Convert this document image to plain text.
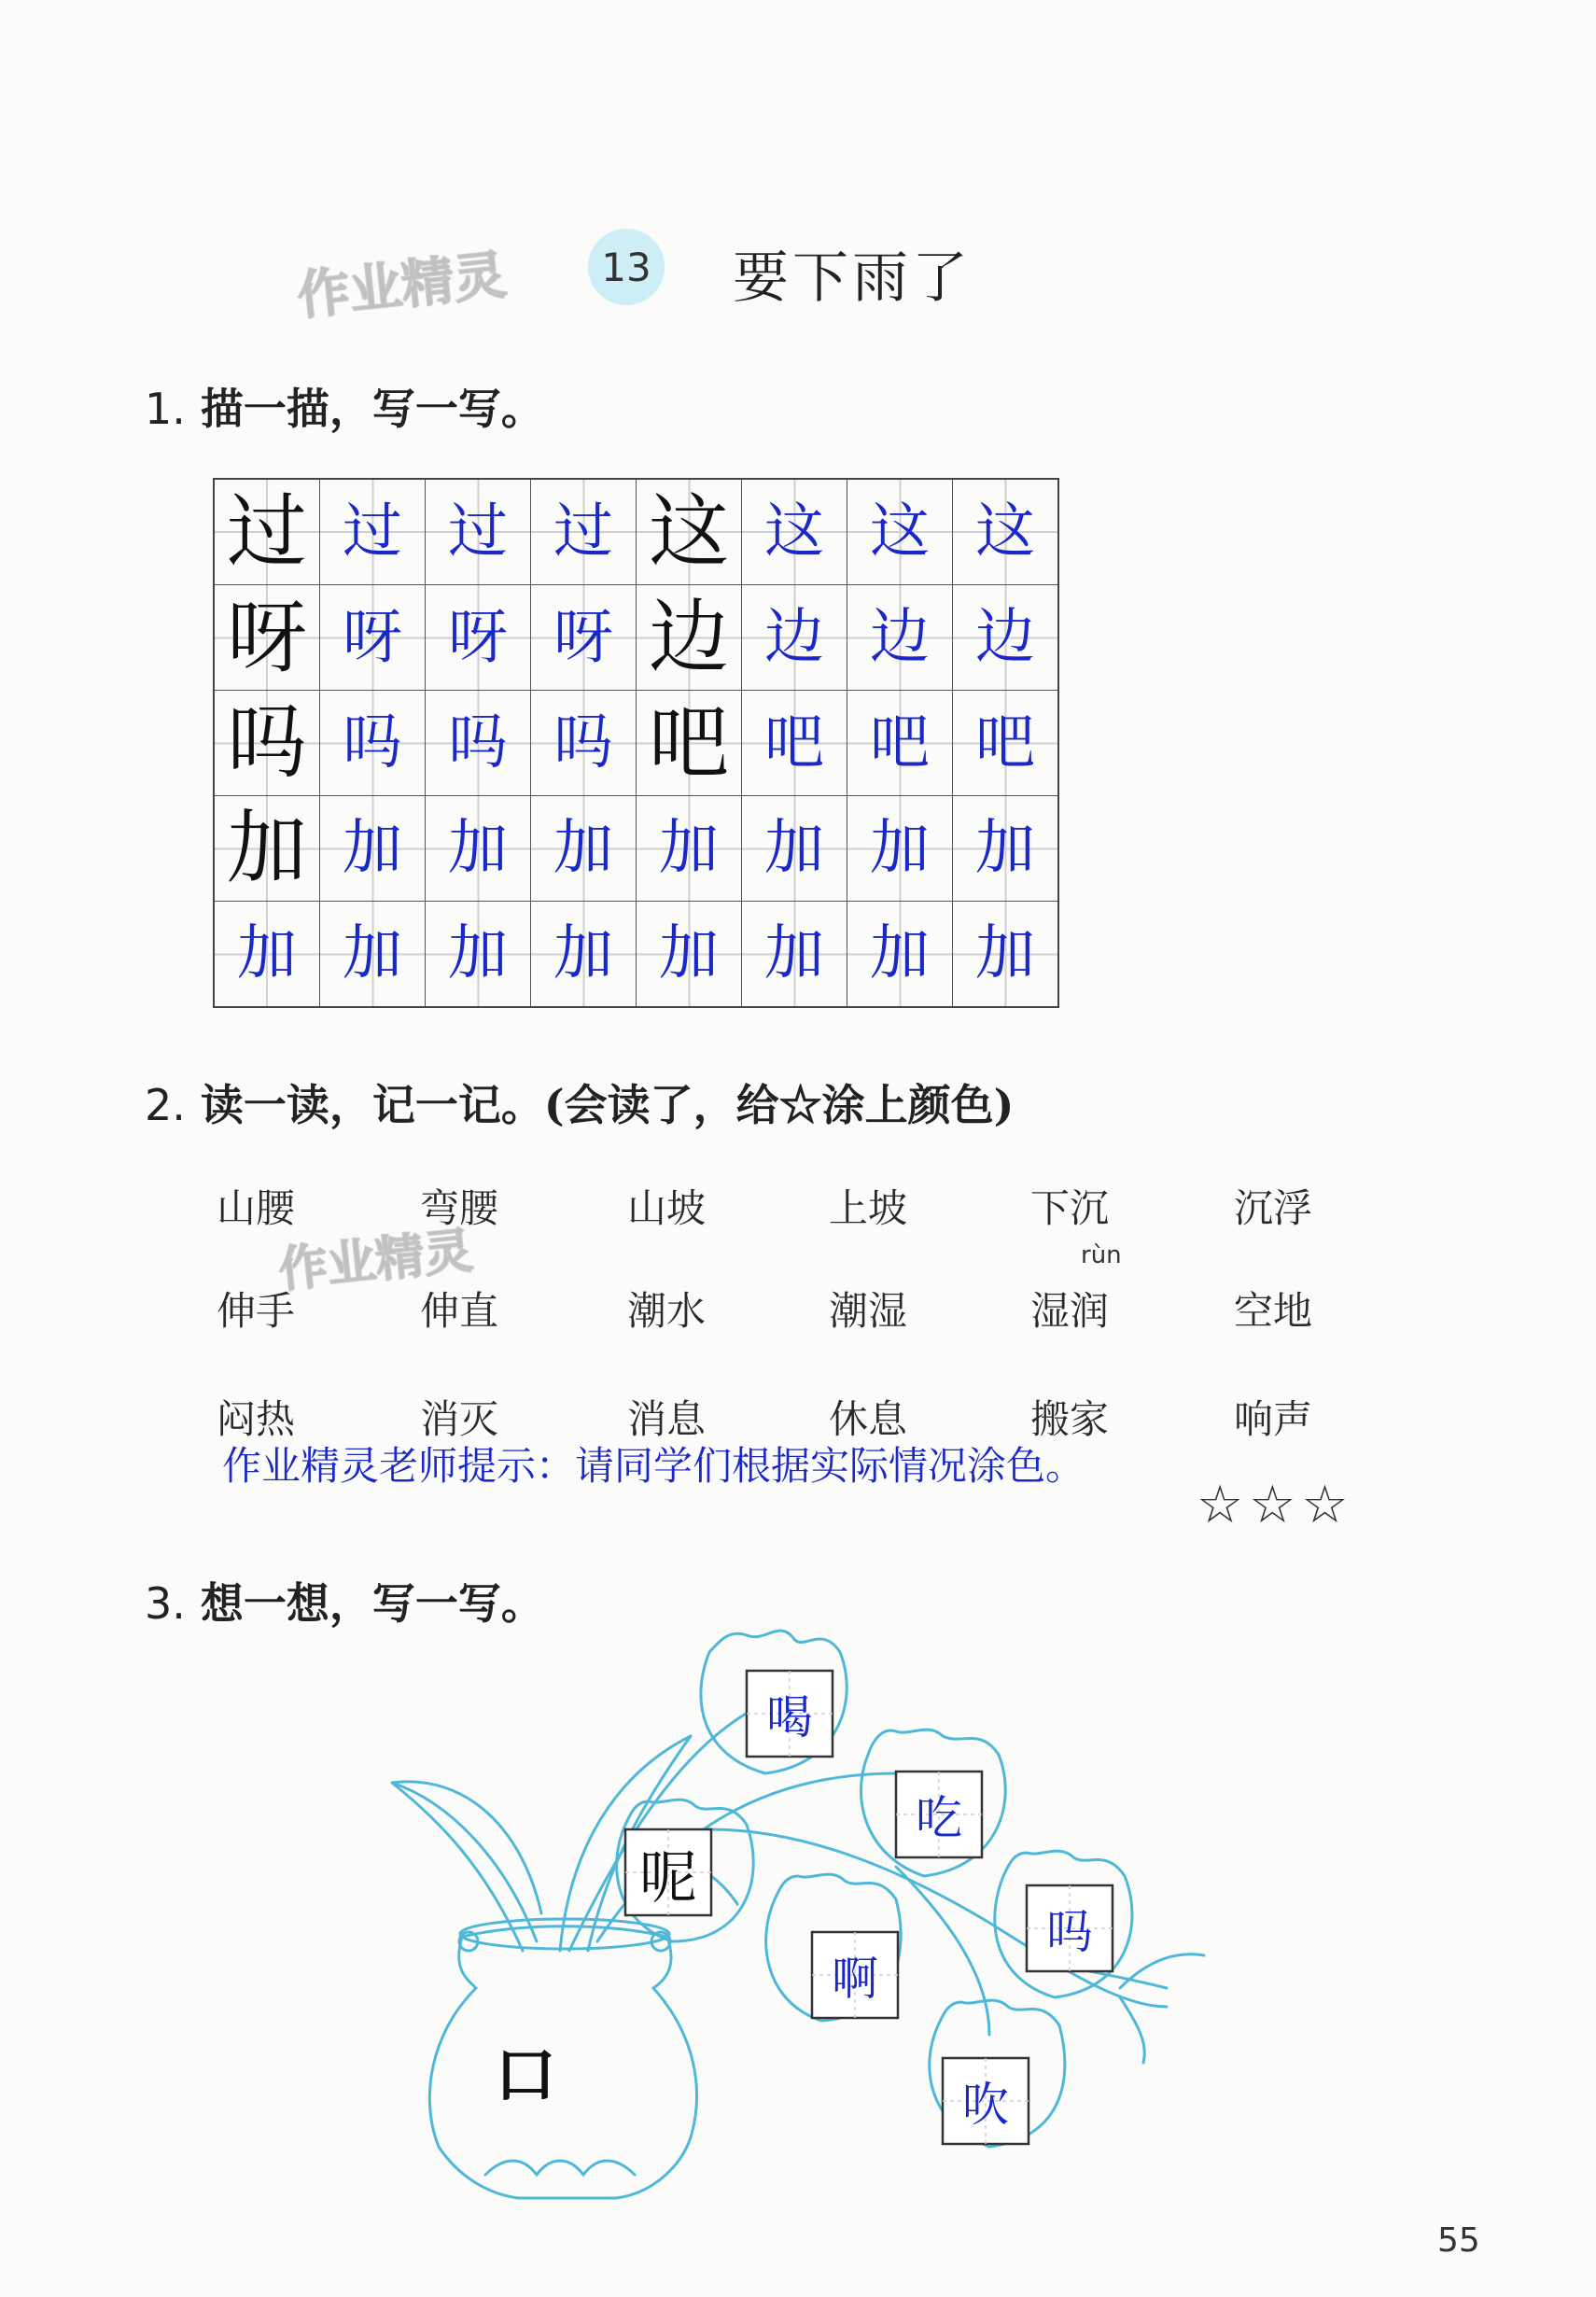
作业精灵
作业精灵
13 要下雨了
1. 描一描，写一写。
过	过	过	过	这	这	这	这

呀	呀	呀	呀	边	边	边	边

吗	吗	吗	吗	吧	吧	吧	吧

加	加	加	加	加	加	加	加

加	加	加	加	加	加	加	加
2. 读一读，记一记。(会读了，给☆涂上颜色)
山腰	弯腰	山坡	上坡	下沉	沉浮
rùn
伸手	伸直	潮水	潮湿	湿润	空地
闷热	消灭	消息	休息	搬家	响声
作业精灵老师提示：请同学们根据实际情况涂色。
☆☆☆
3. 想一想，写一写。
喝
吃
呢
吗
啊
吹
口
55
